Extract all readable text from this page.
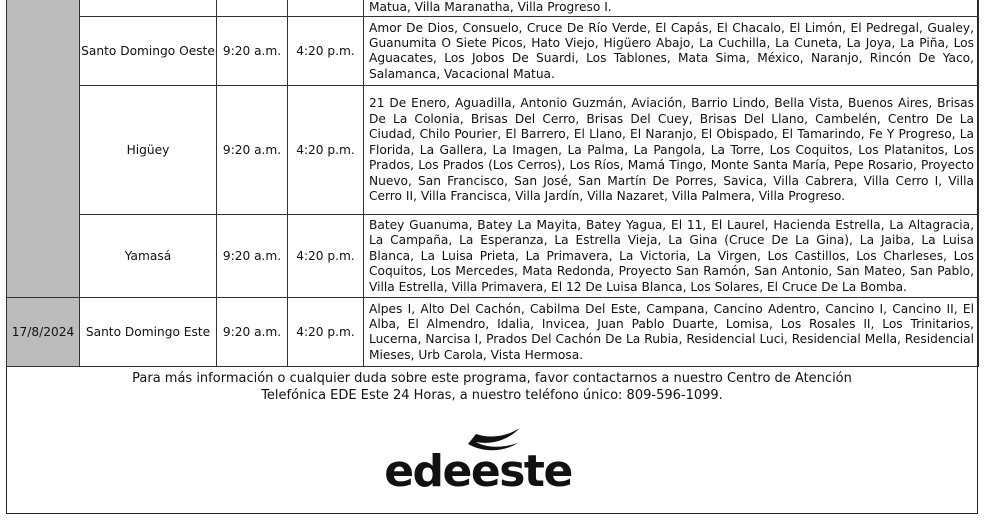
				Matua, Villa Maranatha, Villa Progreso I.
	Santo Domingo Oeste	9:20 a.m.	4:20 p.m.	Amor De Dios, Consuelo, Cruce De Río Verde, El Capás, El Chacalo, El Limón, El Pedregal, Gualey, Guanumita O Siete Picos, Hato Viejo, Higüero Abajo, La Cuchilla, La Cuneta, La Joya, La Piña, Los Aguacates, Los Jobos De Suardi, Los Tablones, Mata Sima, México, Naranjo, Rincón De Yaco, Salamanca, Vacacional Matua.
	Higüey	9:20 a.m.	4:20 p.m.	21 De Enero, Aguadilla, Antonio Guzmán, Aviación, Barrio Lindo, Bella Vista, Buenos Aires, Brisas De La Colonia, Brisas Del Cerro, Brisas Del Cuey, Brisas Del Llano, Cambelén, Centro De La Ciudad, Chilo Pourier, El Barrero, El Llano, El Naranjo, El Obispado, El Tamarindo, Fe Y Progreso, La Florida, La Gallera, La Imagen, La Palma, La Pangola, La Torre, Los Coquitos, Los Platanitos, Los Prados, Los Prados (Los Cerros), Los Ríos, Mamá Tingo, Monte Santa María, Pepe Rosario, Proyecto Nuevo, San Francisco, San José, San Martín De Porres, Savica, Villa Cabrera, Villa Cerro I, Villa Cerro II, Villa Francisca, Villa Jardín, Villa Nazaret, Villa Palmera, Villa Progreso.
	Yamasá	9:20 a.m.	4:20 p.m.	Batey Guanuma, Batey La Mayita, Batey Yagua, El 11, El Laurel, Hacienda Estrella, La Altagracia, La Campaña, La Esperanza, La Estrella Vieja, La Gina (Cruce De La Gina), La Jaiba, La Luisa Blanca, La Luisa Prieta, La Primavera, La Victoria, La Virgen, Los Castillos, Los Charleses, Los Coquitos, Los Mercedes, Mata Redonda, Proyecto San Ramón, San Antonio, San Mateo, San Pablo, Villa Estrella, Villa Primavera, El 12 De Luisa Blanca, Los Solares, El Cruce De La Bomba.
17/8/2024	Santo Domingo Este	9:20 a.m.	4:20 p.m.	Alpes I, Alto Del Cachón, Cabilma Del Este, Campana, Cancino Adentro, Cancino I, Cancino II, El Alba, El Almendro, Idalia, Invicea, Juan Pablo Duarte, Lomisa, Los Rosales II, Los Trinitarios, Lucerna, Narcisa I, Prados Del Cachón De La Rubia, Residencial Luci, Residencial Mella, Residencial Mieses, Urb Carola, Vista Hermosa.
Para más información o cualquier duda sobre este programa, favor contactarnos a nuestro Centro de Atención
Telefónica EDE Este 24 Horas, a nuestro teléfono único: 809-596-1099.
edeeste
